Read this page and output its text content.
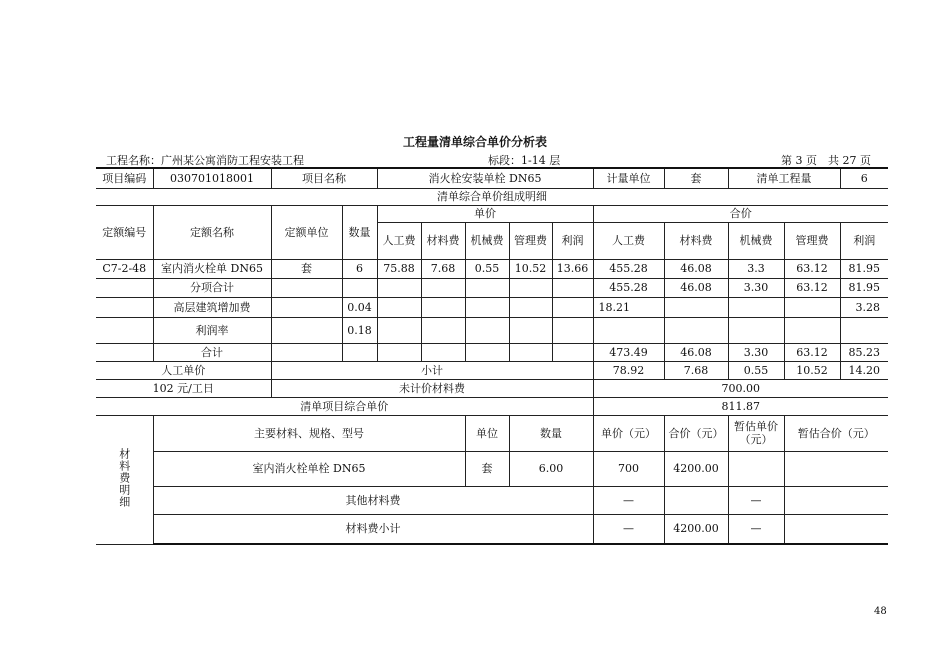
工程量清单综合单价分析表
工程名称：广州某公寓消防工程安装工程	标段：1-14 层	第 3 页　共 27 页
项目编码	030701018001	项目名称		消火栓安装单栓 DN65					计量单位	套	清单工程量		6
清单综合单价组成明细													
定额编号	定额名称	定额单位	数量	单价					合价				
				人工费	材料费	机械费	管理费	利润	人工费	材料费	机械费	管理费	利润
C7-2-48	室内消火栓单 DN65	套	6	75.88	7.68	0.55	10.52	13.66	455.28	46.08	3.3	63.12	81.95
	分项合计								455.28	46.08	3.30	63.12	81.95
	高层建筑增加费		0.04						18.21				3.28
	利润率		0.18										
	合计								473.49	46.08	3.30	63.12	85.23
人工单价		小计							78.92	7.68	0.55	10.52	14.20
102 元/工日		未计价材料费							700.00				
清单项目综合单价									811.87				
材料费明细	主要材料、规格、型号					单位	数量		单价（元）	合价（元）	暂估单价（元）	暂估合价（元）	
	室内消火栓单栓 DN65					套	6.00		700	4200.00			
	其他材料费								—		—		
	材料费小计								—	4200.00	—		
48
